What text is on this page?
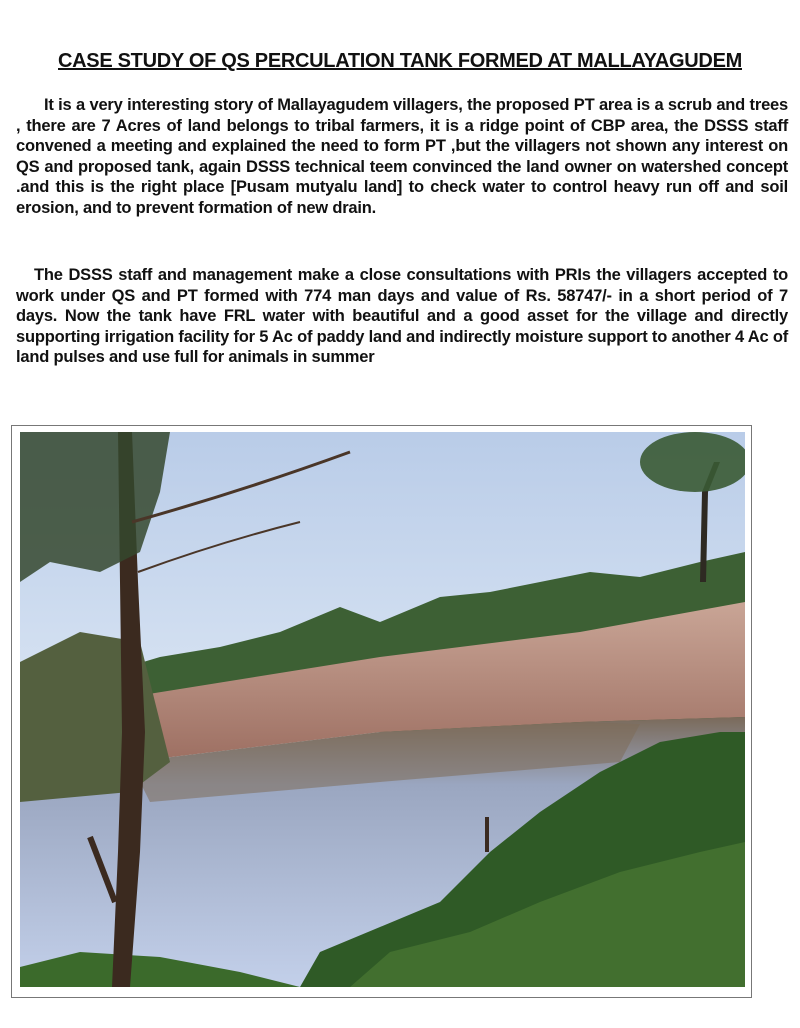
CASE STUDY OF QS PERCULATION TANK FORMED AT MALLAYAGUDEM

It is a very interesting story of Mallayagudem villagers, the proposed PT area is a scrub and trees , there are 7 Acres of land belongs to tribal farmers, it is a ridge point of CBP area, the DSSS staff convened a meeting and explained the need to form PT ,but the villagers not shown any interest on QS and proposed tank, again DSSS technical teem convinced the land owner on watershed concept .and this is the right place [Pusam mutyalu land] to check water to control heavy run off and soil erosion, and to prevent formation of new drain.

The DSSS staff and management make a close consultations with PRIs the villagers accepted to work under QS and PT formed with 774 man days and value of Rs. 58747/- in a short period of 7 days. Now the tank have FRL water with beautiful and a good asset for the village and directly supporting irrigation facility for 5 Ac of paddy land and indirectly moisture support to another 4 Ac of land pulses and use full for animals in summer
